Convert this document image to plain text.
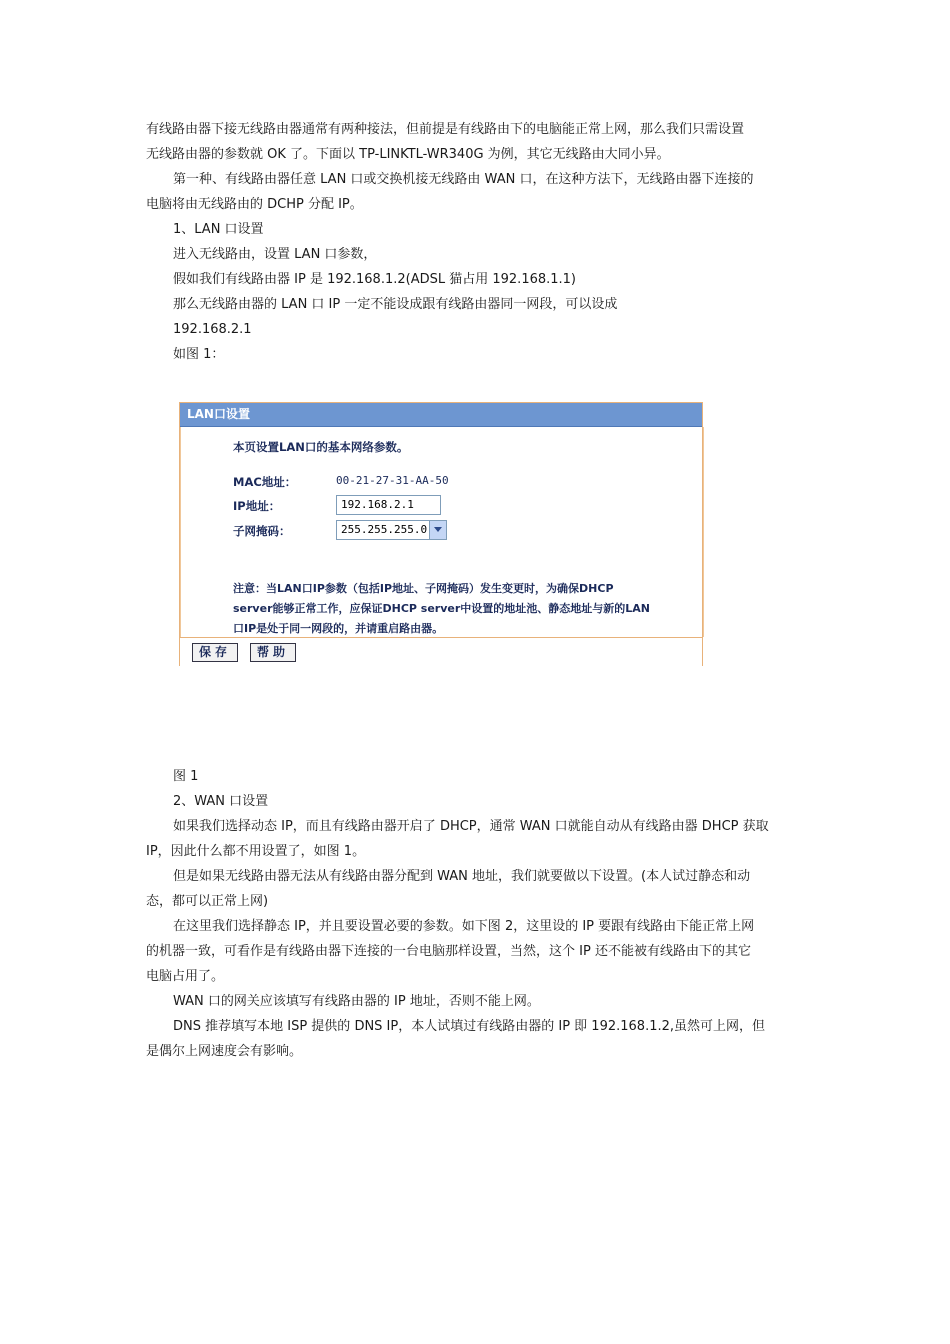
有线路由器下接无线路由器通常有两种接法，但前提是有线路由下的电脑能正常上网，那么我们只需设置
无线路由器的参数就 OK 了。下面以 TP-LINKTL-WR340G 为例，其它无线路由大同小异。
第一种、有线路由器任意 LAN 口或交换机接无线路由 WAN 口，在这种方法下，无线路由器下连接的
电脑将由无线路由的 DCHP 分配 IP。
1、LAN 口设置
进入无线路由，设置 LAN 口参数，
假如我们有线路由器 IP 是 192.168.1.2(ADSL 猫占用 192.168.1.1)
那么无线路由器的 LAN 口 IP 一定不能设成跟有线路由器同一网段，可以设成
192.168.2.1
如图 1：
LAN口设置
本页设置LAN口的基本网络参数。
MAC地址：	00-21-27-31-AA-50
IP地址：	192.168.2.1
子网掩码：	255.255.255.0
注意：当LAN口IP参数（包括IP地址、子网掩码）发生变更时，为确保DHCP server能够正常工作，应保证DHCP server中设置的地址池、静态地址与新的LAN口IP是处于同一网段的，并请重启路由器。
保存	帮助
图 1
2、WAN 口设置
如果我们选择动态 IP，而且有线路由器开启了 DHCP，通常 WAN 口就能自动从有线路由器 DHCP 获取
IP，因此什么都不用设置了，如图 1。
但是如果无线路由器无法从有线路由器分配到 WAN 地址，我们就要做以下设置。(本人试过静态和动
态，都可以正常上网)
在这里我们选择静态 IP，并且要设置必要的参数。如下图 2，这里设的 IP 要跟有线路由下能正常上网
的机器一致，可看作是有线路由器下连接的一台电脑那样设置，当然，这个 IP 还不能被有线路由下的其它
电脑占用了。
WAN 口的网关应该填写有线路由器的 IP 地址，否则不能上网。
DNS 推荐填写本地 ISP 提供的 DNS IP，本人试填过有线路由器的 IP 即 192.168.1.2,虽然可上网，但
是偶尔上网速度会有影响。
